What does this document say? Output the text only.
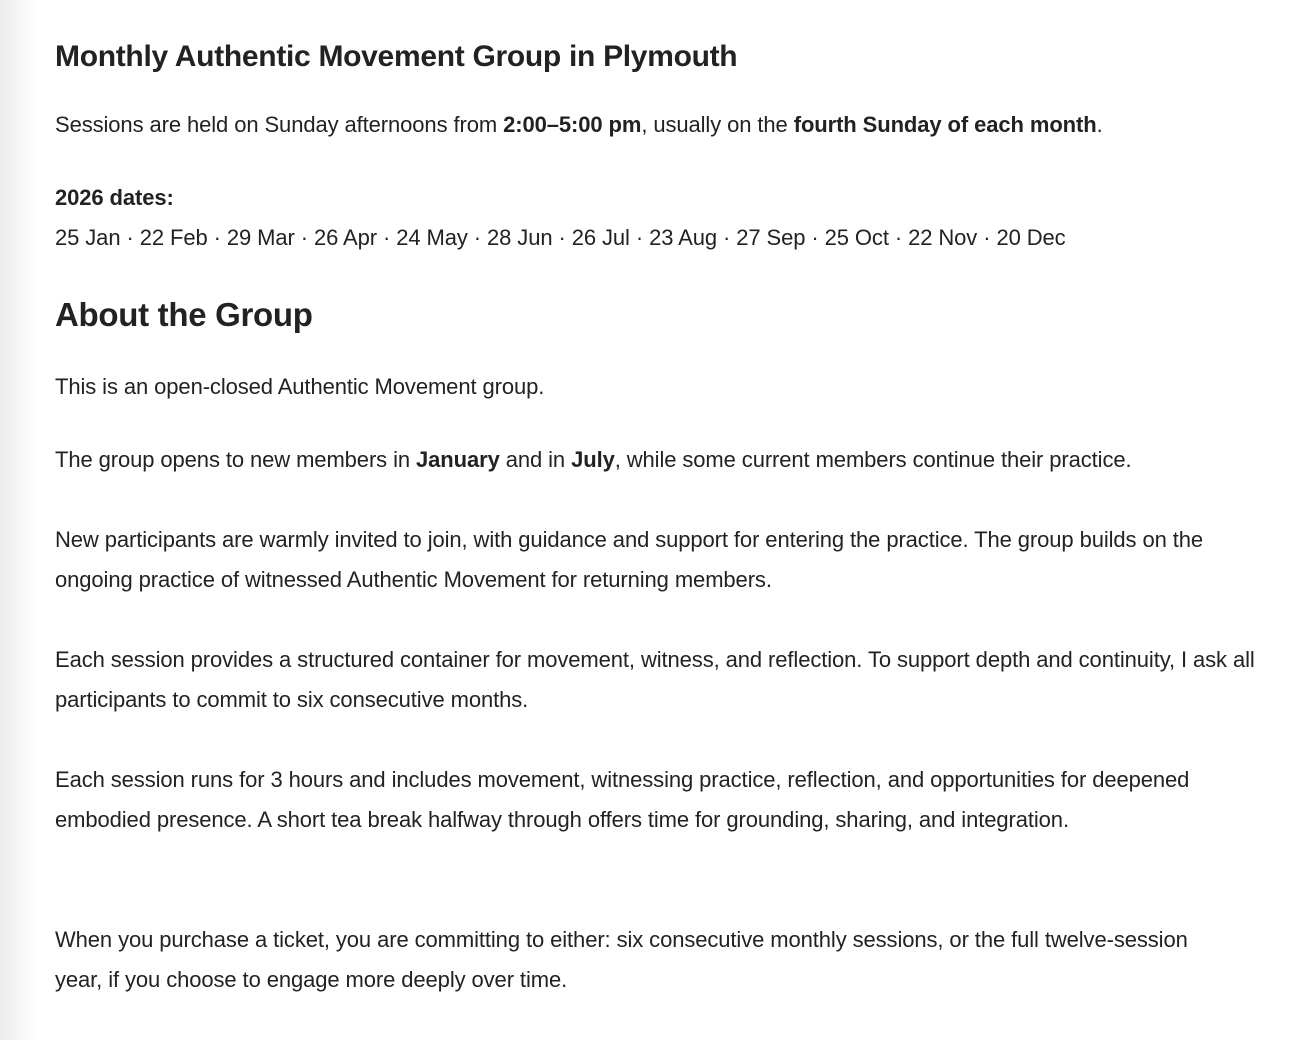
Monthly Authentic Movement Group in Plymouth

Sessions are held on Sunday afternoons from 2:00–5:00 pm, usually on the fourth Sunday of each month.

2026 dates:

25 Jan · 22 Feb · 29 Mar · 26 Apr · 24 May · 28 Jun · 26 Jul · 23 Aug · 27 Sep · 25 Oct · 22 Nov · 20 Dec

About the Group

This is an open-closed Authentic Movement group.

The group opens to new members in January and in July, while some current members continue their practice.

New participants are warmly invited to join, with guidance and support for entering the practice. The group builds on the ongoing practice of witnessed Authentic Movement for returning members.

Each session provides a structured container for movement, witness, and reflection. To support depth and continuity, I ask all participants to commit to six consecutive months.

Each session runs for 3 hours and includes movement, witnessing practice, reflection, and opportunities for deepened embodied presence. A short tea break halfway through offers time for grounding, sharing, and integration.

When you purchase a ticket, you are committing to either: six consecutive monthly sessions, or the full twelve-session year, if you choose to engage more deeply over time.
